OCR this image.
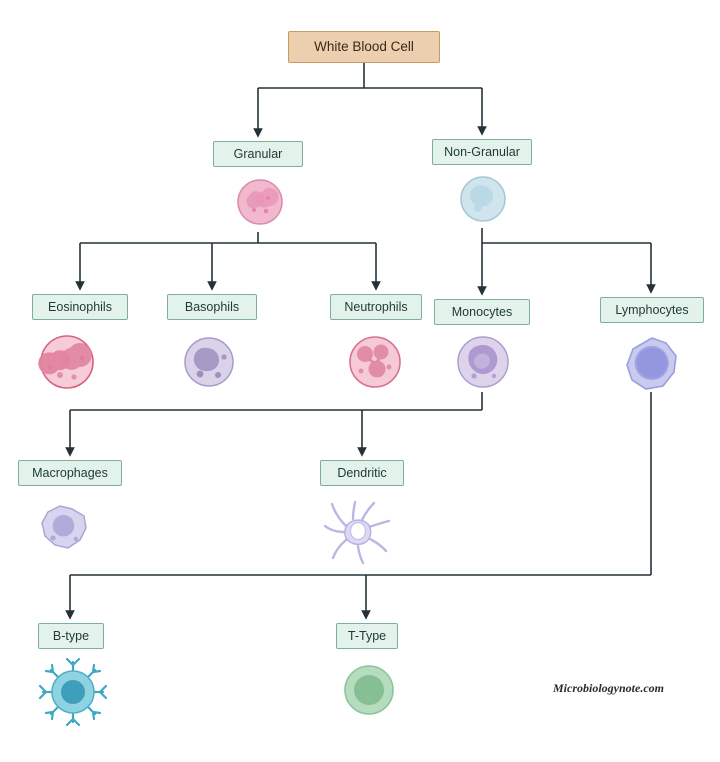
White Blood Cell
Granular	Non-Granular
Eosinophils	Basophils	Neutrophils	Monocytes	Lymphocytes
Macrophages	Dendritic
B-type	T-Type
Microbiologynote.com
